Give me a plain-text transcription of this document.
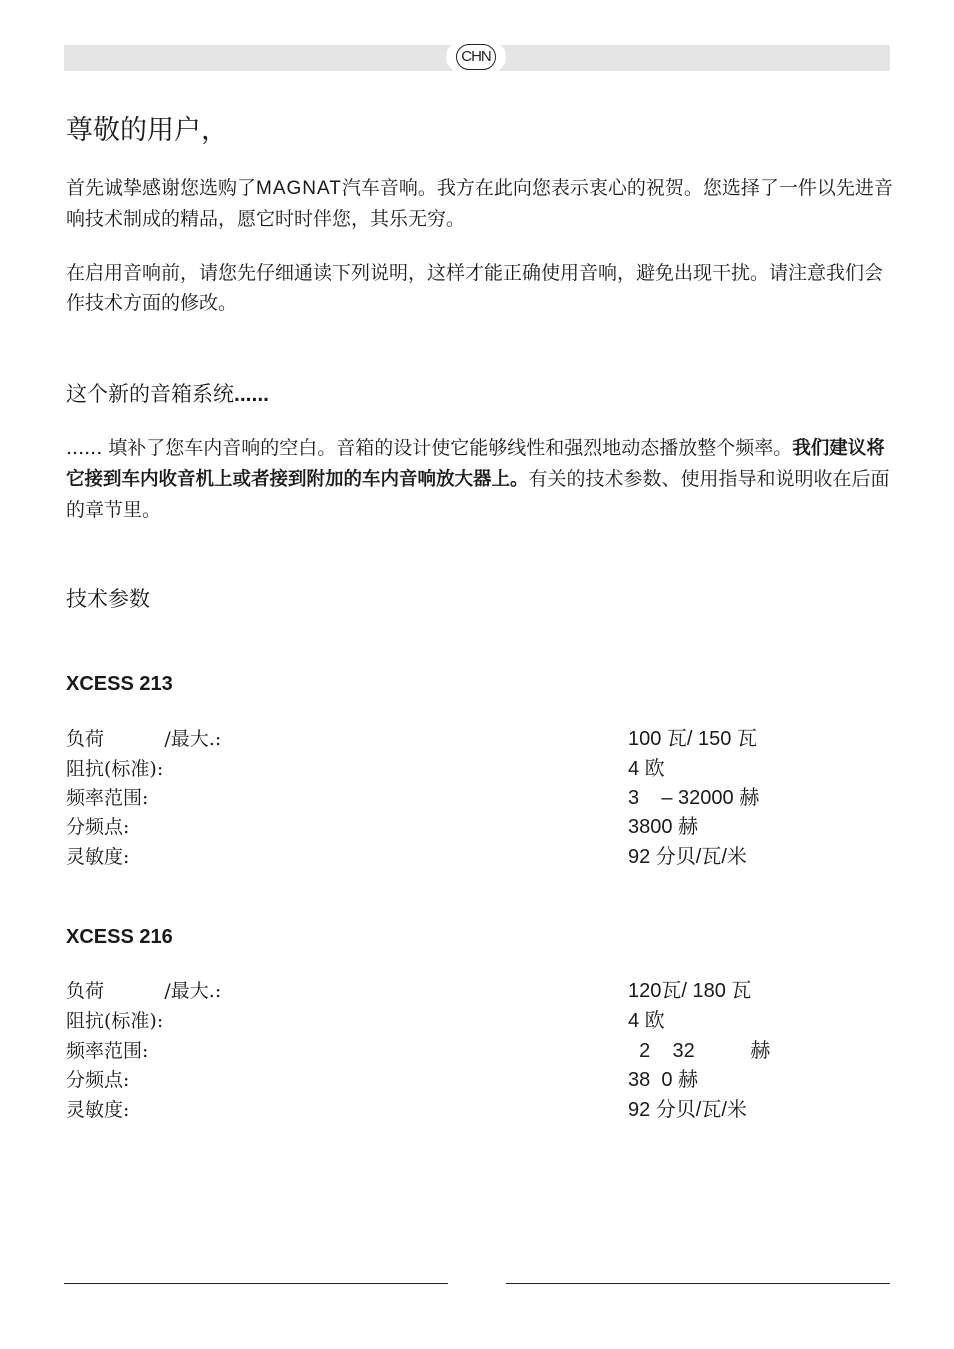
CHN
尊敬的用户，

首先诚挚感谢您选购了MAGNAT汽车音响。我方在此向您表示衷心的祝贺。您选择了一件以先进音响技术制成的精品，愿它时时伴您，其乐无穷。

在启用音响前，请您先仔细通读下列说明，这样才能正确使用音响，避免出现干扰。请注意我们会作技术方面的修改。

这个新的音箱系统......

...... 填补了您车内音响的空白。音箱的设计使它能够线性和强烈地动态播放整个频率。我们建议将它接到车内收音机上或者接到附加的车内音响放大器上。有关的技术参数、使用指导和说明收在后面的章节里。

技术参数
XCESS 213
负荷          /最大.:	100 瓦/ 150 瓦
阻抗(标准):	4 欧
频率范围:	3    – 32000 赫
分频点:	3800 赫
灵敏度:	92 分贝/瓦/米
XCESS 216
负荷          /最大.:	120瓦/ 180 瓦
阻抗(标准):	4 欧
频率范围:	2    32          赫
分频点:	38  0 赫
灵敏度:	92 分贝/瓦/米
